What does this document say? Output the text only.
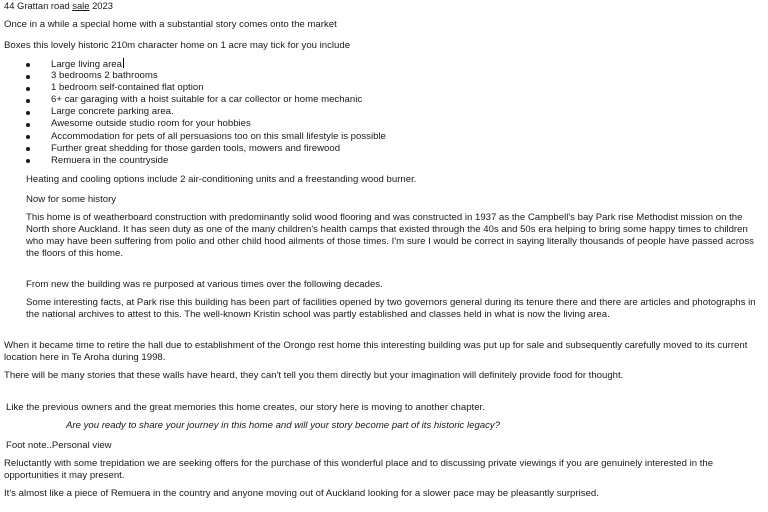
44 Grattan road sale 2023
Once in a while a special home with a substantial story comes onto the market
Boxes this lovely historic 210m character home on 1 acre may tick for you include
Large living area
3 bedrooms 2 bathrooms
1 bedroom self-contained flat option
6+ car garaging with a hoist suitable for a car collector or home mechanic
Large concrete parking area.
Awesome outside studio room for your hobbies
Accommodation for pets of all persuasions too on this small lifestyle is possible
Further great shedding for those garden tools, mowers and firewood
Remuera in the countryside
Heating and cooling options include 2 air-conditioning units and a freestanding wood burner.
Now for some history
This home is of weatherboard construction with predominantly solid wood flooring and was constructed in 1937 as the Campbell's bay Park rise Methodist mission on the North shore Auckland. It has seen duty as one of the many children's health camps that existed through the 40s and 50s era helping to bring some happy times to children who may have been suffering from polio and other child hood ailments of those times. I'm sure I would be correct in saying literally thousands of people have passed across the floors of this home.
From new the building was re purposed at various times over the following decades.
Some interesting facts, at Park rise this building has been part of facilities opened by two governors general during its tenure there and there are articles and photographs in the national archives to attest to this. The well-known Kristin school was partly established and classes held in what is now the living area.
When it became time to retire the hall due to establishment of the Orongo rest home this interesting building was put up for sale and subsequently carefully moved to its current location here in Te Aroha during 1998.
There will be many stories that these walls have heard, they can't tell you them directly but your imagination will definitely provide food for thought.
Like the previous owners and the great memories this home creates, our story here is moving to another chapter.
Are you ready to share your journey in this home and will your story become part of its historic legacy?
Foot note..Personal view
Reluctantly with some trepidation we are seeking offers for the purchase of this wonderful place and to discussing private viewings if you are genuinely interested in the opportunities it may present.
It's almost like a piece of Remuera in the country and anyone moving out of Auckland looking for a slower pace may be pleasantly surprised.
